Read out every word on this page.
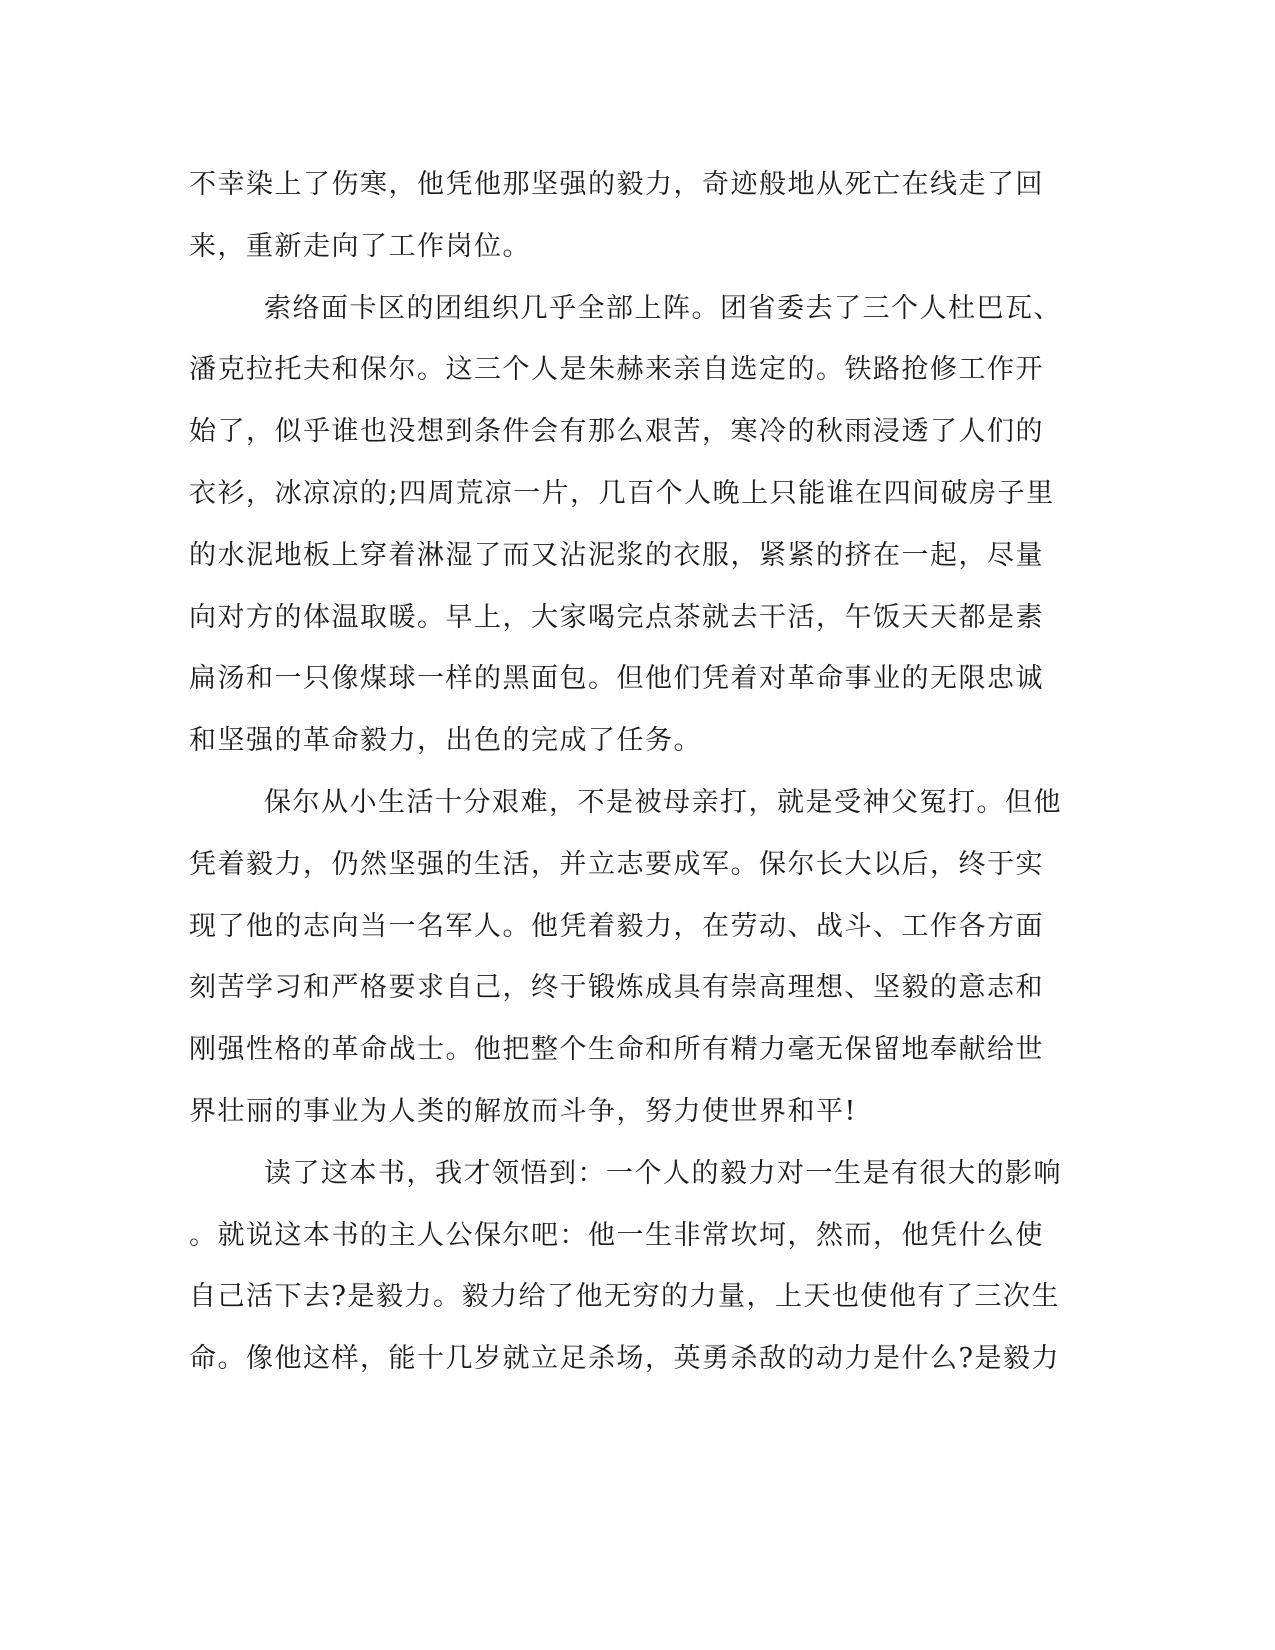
不幸染上了伤寒，他凭他那坚强的毅力，奇迹般地从死亡在线走了回
来，重新走向了工作岗位。

索络面卡区的团组织几乎全部上阵。团省委去了三个人杜巴瓦、
潘克拉托夫和保尔。这三个人是朱赫来亲自选定的。铁路抢修工作开
始了，似乎谁也没想到条件会有那么艰苦，寒冷的秋雨浸透了人们的
衣衫，冰凉凉的;四周荒凉一片，几百个人晚上只能谁在四间破房子里
的水泥地板上穿着淋湿了而又沾泥浆的衣服，紧紧的挤在一起，尽量
向对方的体温取暖。早上，大家喝完点茶就去干活，午饭天天都是素
扁汤和一只像煤球一样的黑面包。但他们凭着对革命事业的无限忠诚
和坚强的革命毅力，出色的完成了任务。

保尔从小生活十分艰难，不是被母亲打，就是受神父冤打。但他
凭着毅力，仍然坚强的生活，并立志要成军。保尔长大以后，终于实
现了他的志向当一名军人。他凭着毅力，在劳动、战斗、工作各方面
刻苦学习和严格要求自己，终于锻炼成具有崇高理想、坚毅的意志和
刚强性格的革命战士。他把整个生命和所有精力毫无保留地奉献给世
界壮丽的事业为人类的解放而斗争，努力使世界和平!

读了这本书，我才领悟到：一个人的毅力对一生是有很大的影响
。就说这本书的主人公保尔吧：他一生非常坎坷，然而，他凭什么使
自己活下去?是毅力。毅力给了他无穷的力量，上天也使他有了三次生
命。像他这样，能十几岁就立足杀场，英勇杀敌的动力是什么?是毅力
